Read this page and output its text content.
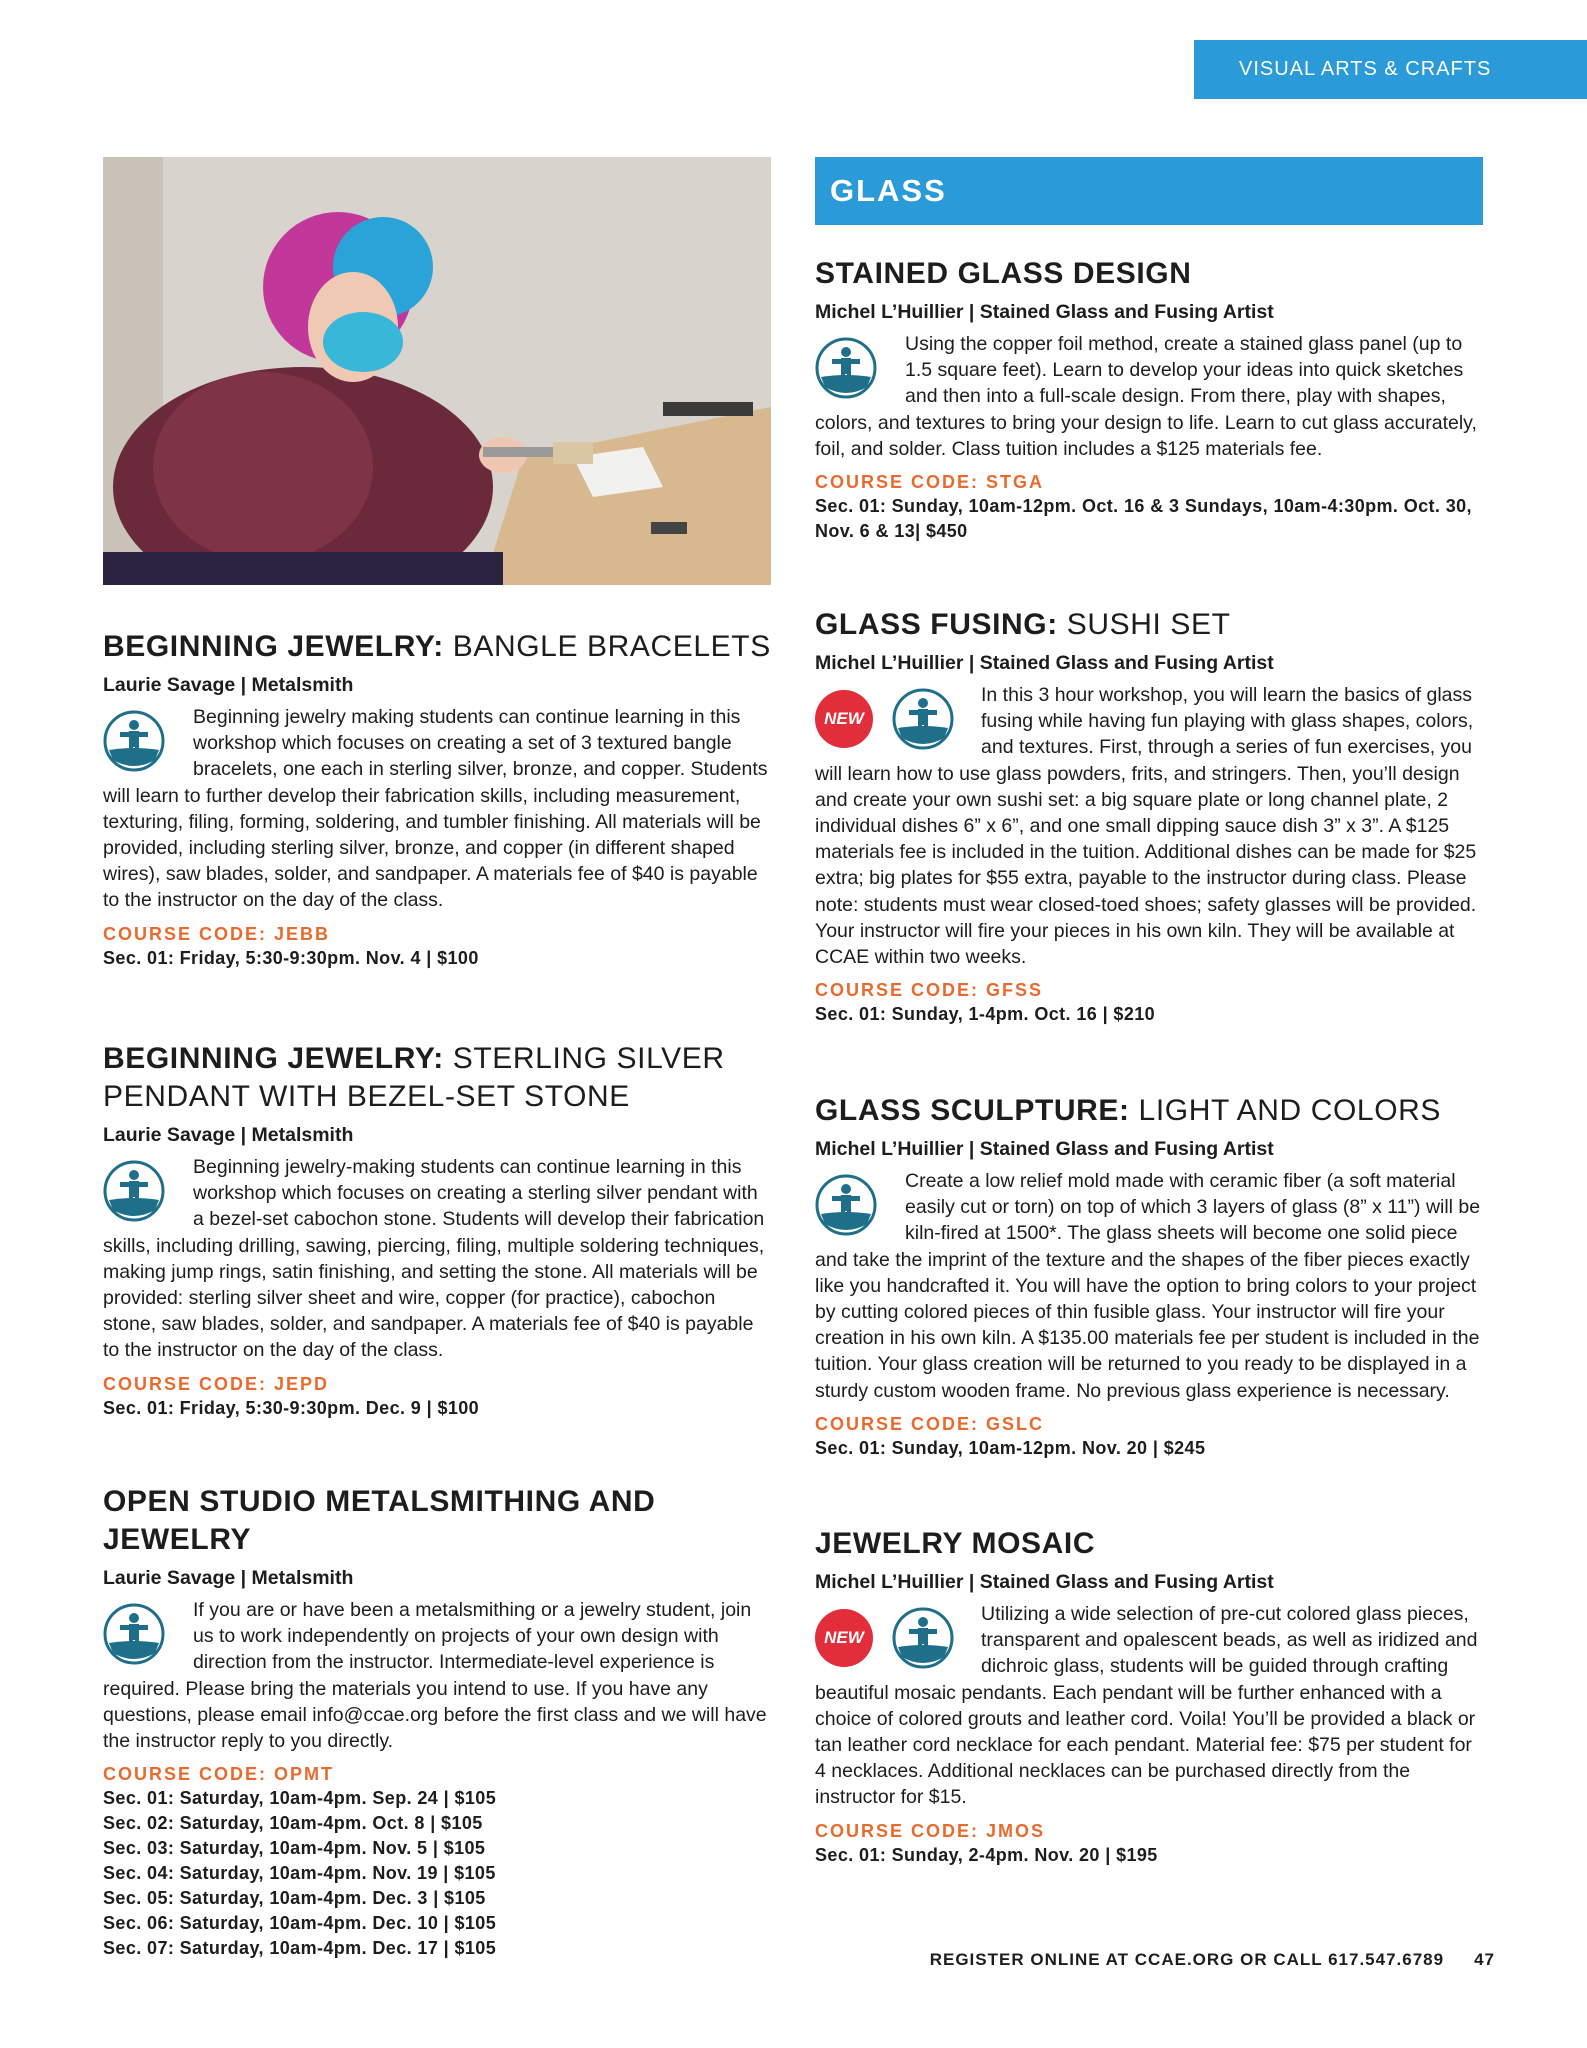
VISUAL ARTS & CRAFTS
BEGINNING JEWELRY: BANGLE BRACELETS
Laurie Savage | Metalsmith
Beginning jewelry making students can continue learning in this workshop which focuses on creating a set of 3 textured bangle bracelets, one each in sterling silver, bronze, and copper. Students will learn to further develop their fabrication skills, including measurement, texturing, filing, forming, soldering, and tumbler finishing. All materials will be provided, including sterling silver, bronze, and copper (in different shaped wires), saw blades, solder, and sandpaper. A materials fee of $40 is payable to the instructor on the day of the class.
COURSE CODE: JEBB
Sec. 01: Friday, 5:30-9:30pm. Nov. 4 | $100
BEGINNING JEWELRY: STERLING SILVER PENDANT WITH BEZEL-SET STONE
Laurie Savage | Metalsmith
Beginning jewelry-making students can continue learning in this workshop which focuses on creating a sterling silver pendant with a bezel-set cabochon stone. Students will develop their fabrication skills, including drilling, sawing, piercing, filing, multiple soldering techniques, making jump rings, satin finishing, and setting the stone. All materials will be provided: sterling silver sheet and wire, copper (for practice), cabochon stone, saw blades, solder, and sandpaper. A materials fee of $40 is payable to the instructor on the day of the class.
COURSE CODE: JEPD
Sec. 01: Friday, 5:30-9:30pm. Dec. 9 | $100
OPEN STUDIO METALSMITHING AND JEWELRY
Laurie Savage | Metalsmith
If you are or have been a metalsmithing or a jewelry student, join us to work independently on projects of your own design with direction from the instructor. Intermediate-level experience is required. Please bring the materials you intend to use. If you have any questions, please email info@ccae.org before the first class and we will have the instructor reply to you directly.
COURSE CODE: OPMT
Sec. 01: Saturday, 10am-4pm. Sep. 24 | $105
Sec. 02: Saturday, 10am-4pm. Oct. 8 | $105
Sec. 03: Saturday, 10am-4pm. Nov. 5 | $105
Sec. 04: Saturday, 10am-4pm. Nov. 19 | $105
Sec. 05: Saturday, 10am-4pm. Dec. 3 | $105
Sec. 06: Saturday, 10am-4pm. Dec. 10 | $105
Sec. 07: Saturday, 10am-4pm. Dec. 17 | $105
GLASS
STAINED GLASS DESIGN
Michel L’Huillier | Stained Glass and Fusing Artist
Using the copper foil method, create a stained glass panel (up to 1.5 square feet). Learn to develop your ideas into quick sketches and then into a full-scale design. From there, play with shapes, colors, and textures to bring your design to life. Learn to cut glass accurately, foil, and solder. Class tuition includes a $125 materials fee.
COURSE CODE: STGA
Sec. 01: Sunday, 10am-12pm. Oct. 16 & 3 Sundays, 10am-4:30pm. Oct. 30, Nov. 6 & 13| $450
GLASS FUSING: SUSHI SET
Michel L’Huillier | Stained Glass and Fusing Artist
NEW
In this 3 hour workshop, you will learn the basics of glass fusing while having fun playing with glass shapes, colors, and textures. First, through a series of fun exercises, you will learn how to use glass powders, frits, and stringers. Then, you’ll design and create your own sushi set: a big square plate or long channel plate, 2 individual dishes 6” x 6”, and one small dipping sauce dish 3” x 3”. A $125 materials fee is included in the tuition. Additional dishes can be made for $25 extra; big plates for $55 extra, payable to the instructor during class. Please note: students must wear closed-toed shoes; safety glasses will be provided. Your instructor will fire your pieces in his own kiln. They will be available at CCAE within two weeks.
COURSE CODE: GFSS
Sec. 01: Sunday, 1-4pm. Oct. 16 | $210
GLASS SCULPTURE: LIGHT AND COLORS
Michel L’Huillier | Stained Glass and Fusing Artist
Create a low relief mold made with ceramic fiber (a soft material easily cut or torn) on top of which 3 layers of glass (8” x 11”) will be kiln-fired at 1500*. The glass sheets will become one solid piece and take the imprint of the texture and the shapes of the fiber pieces exactly like you handcrafted it. You will have the option to bring colors to your project by cutting colored pieces of thin fusible glass. Your instructor will fire your creation in his own kiln. A $135.00 materials fee per student is included in the tuition. Your glass creation will be returned to you ready to be displayed in a sturdy custom wooden frame. No previous glass experience is necessary.
COURSE CODE: GSLC
Sec. 01: Sunday, 10am-12pm. Nov. 20 | $245
JEWELRY MOSAIC
Michel L’Huillier | Stained Glass and Fusing Artist
NEW
Utilizing a wide selection of pre-cut colored glass pieces, transparent and opalescent beads, as well as iridized and dichroic glass, students will be guided through crafting beautiful mosaic pendants. Each pendant will be further enhanced with a choice of colored grouts and leather cord. Voila! You’ll be provided a black or tan leather cord necklace for each pendant. Material fee: $75 per student for 4 necklaces. Additional necklaces can be purchased directly from the instructor for $15.
COURSE CODE: JMOS
Sec. 01: Sunday, 2-4pm. Nov. 20 | $195
REGISTER ONLINE AT CCAE.ORG OR CALL 617.547.6789 47
